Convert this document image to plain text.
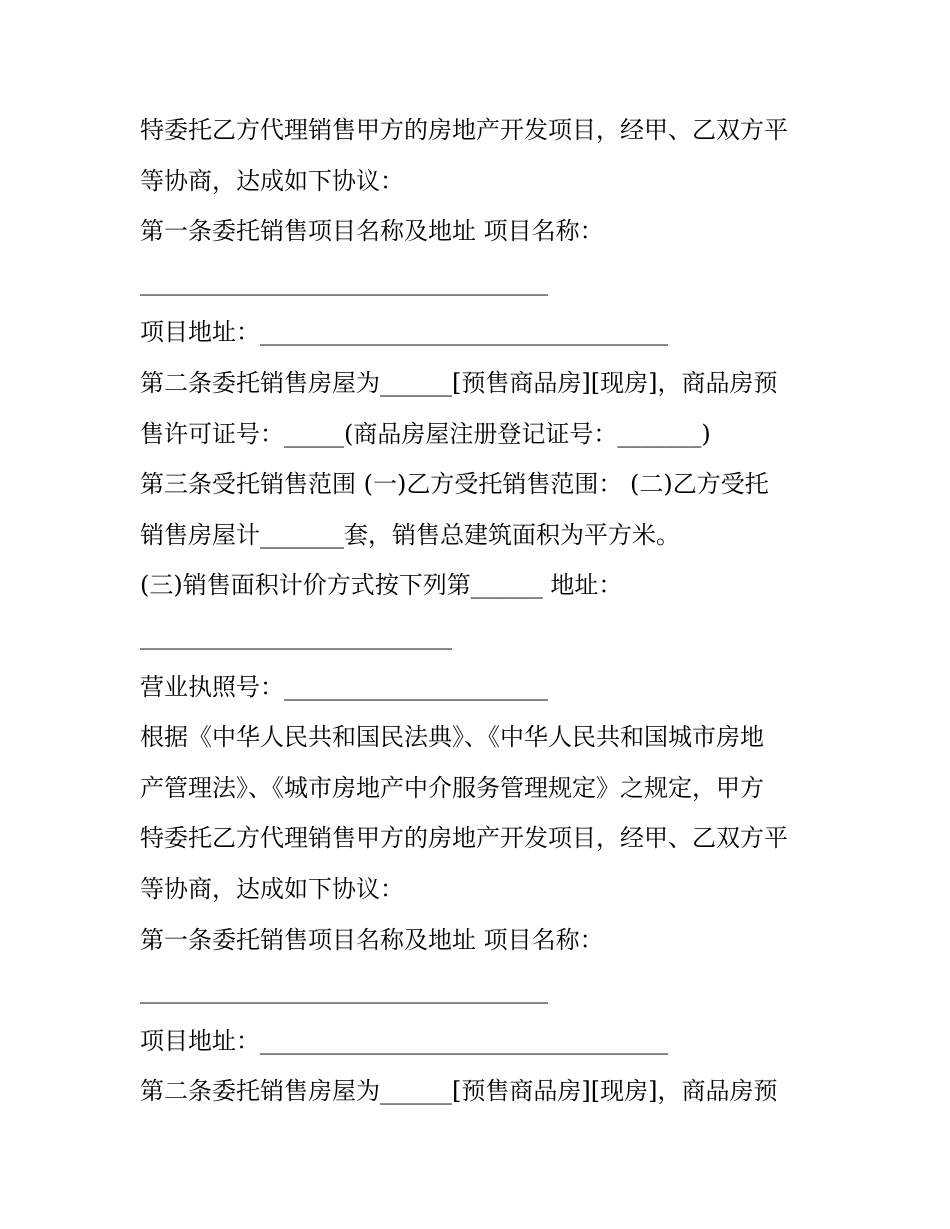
特委托乙方代理销售甲方的房地产开发项目，经甲、乙双方平
等协商，达成如下协议：
第一条委托销售项目名称及地址 项目名称：
__________________________________
项目地址：__________________________________
第二条委托销售房屋为______[预售商品房][现房]，商品房预
售许可证号：_____(商品房屋注册登记证号：_______)
第三条受托销售范围 (一)乙方受托销售范围： (二)乙方受托
销售房屋计_______套，销售总建筑面积为平方米。
(三)销售面积计价方式按下列第______ 地址：
__________________________
营业执照号：______________________
根据《中华人民共和国民法典》、《中华人民共和国城市房地
产管理法》、《城市房地产中介服务管理规定》之规定，甲方
特委托乙方代理销售甲方的房地产开发项目，经甲、乙双方平
等协商，达成如下协议：
第一条委托销售项目名称及地址 项目名称：
__________________________________
项目地址：__________________________________
第二条委托销售房屋为______[预售商品房][现房]，商品房预
